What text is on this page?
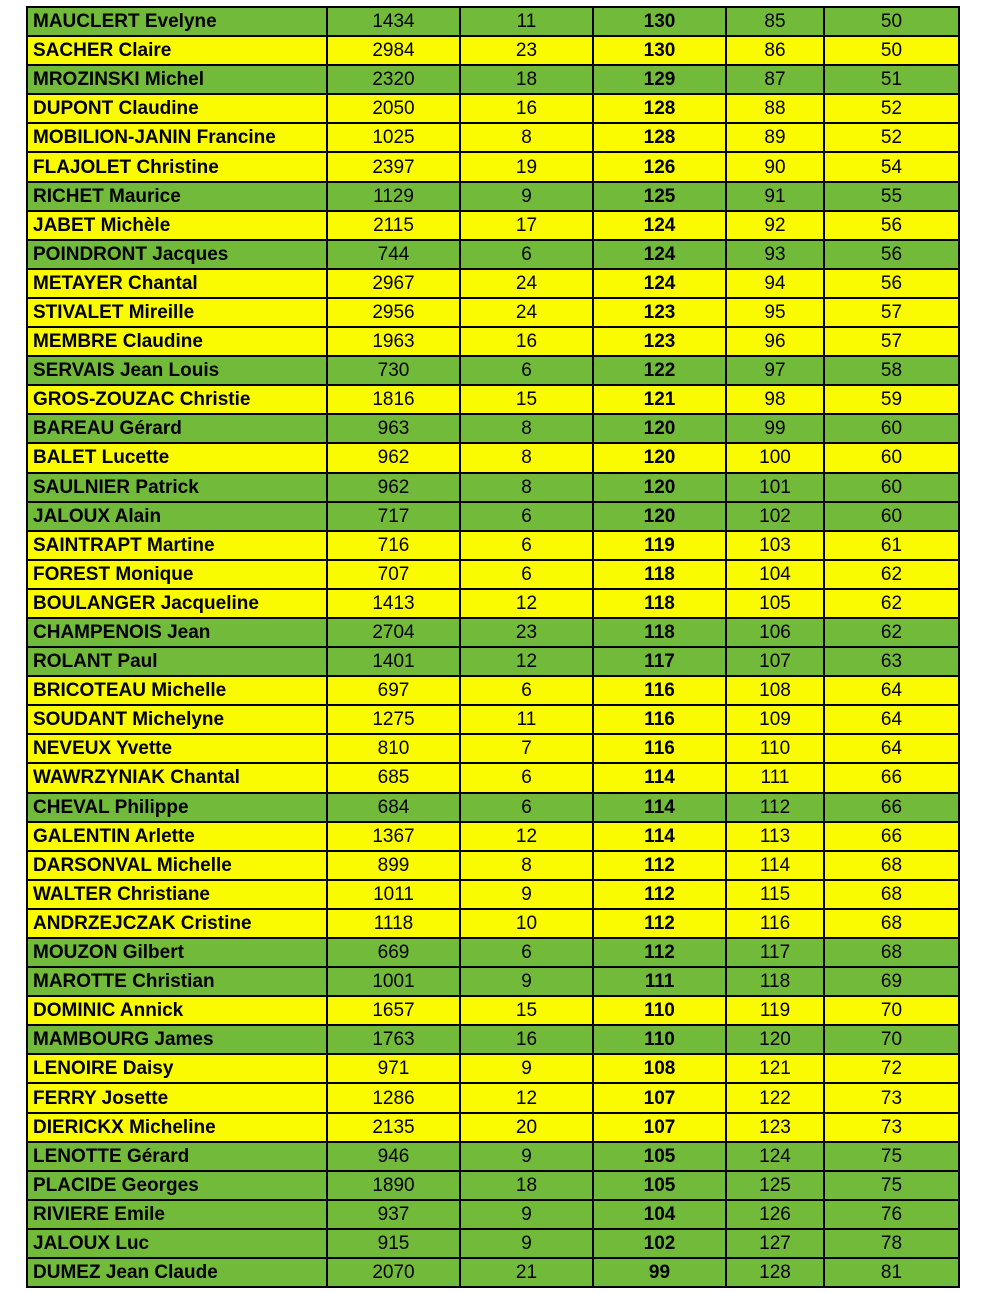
MAUCLERT Evelyne	1434	11	130	85	50
SACHER Claire	2984	23	130	86	50
MROZINSKI Michel	2320	18	129	87	51
DUPONT Claudine	2050	16	128	88	52
MOBILION-JANIN Francine	1025	8	128	89	52
FLAJOLET Christine	2397	19	126	90	54
RICHET Maurice	1129	9	125	91	55
JABET Michèle	2115	17	124	92	56
POINDRONT Jacques	744	6	124	93	56
METAYER Chantal	2967	24	124	94	56
STIVALET Mireille	2956	24	123	95	57
MEMBRE Claudine	1963	16	123	96	57
SERVAIS Jean Louis	730	6	122	97	58
GROS-ZOUZAC Christie	1816	15	121	98	59
BAREAU Gérard	963	8	120	99	60
BALET Lucette	962	8	120	100	60
SAULNIER Patrick	962	8	120	101	60
JALOUX Alain	717	6	120	102	60
SAINTRAPT Martine	716	6	119	103	61
FOREST Monique	707	6	118	104	62
BOULANGER Jacqueline	1413	12	118	105	62
CHAMPENOIS Jean	2704	23	118	106	62
ROLANT Paul	1401	12	117	107	63
BRICOTEAU Michelle	697	6	116	108	64
SOUDANT Michelyne	1275	11	116	109	64
NEVEUX Yvette	810	7	116	110	64
WAWRZYNIAK Chantal	685	6	114	111	66
CHEVAL Philippe	684	6	114	112	66
GALENTIN Arlette	1367	12	114	113	66
DARSONVAL Michelle	899	8	112	114	68
WALTER Christiane	1011	9	112	115	68
ANDRZEJCZAK Cristine	1118	10	112	116	68
MOUZON Gilbert	669	6	112	117	68
MAROTTE Christian	1001	9	111	118	69
DOMINIC Annick	1657	15	110	119	70
MAMBOURG James	1763	16	110	120	70
LENOIRE Daisy	971	9	108	121	72
FERRY Josette	1286	12	107	122	73
DIERICKX Micheline	2135	20	107	123	73
LENOTTE Gérard	946	9	105	124	75
PLACIDE Georges	1890	18	105	125	75
RIVIERE Emile	937	9	104	126	76
JALOUX Luc	915	9	102	127	78
DUMEZ Jean Claude	2070	21	99	128	81
